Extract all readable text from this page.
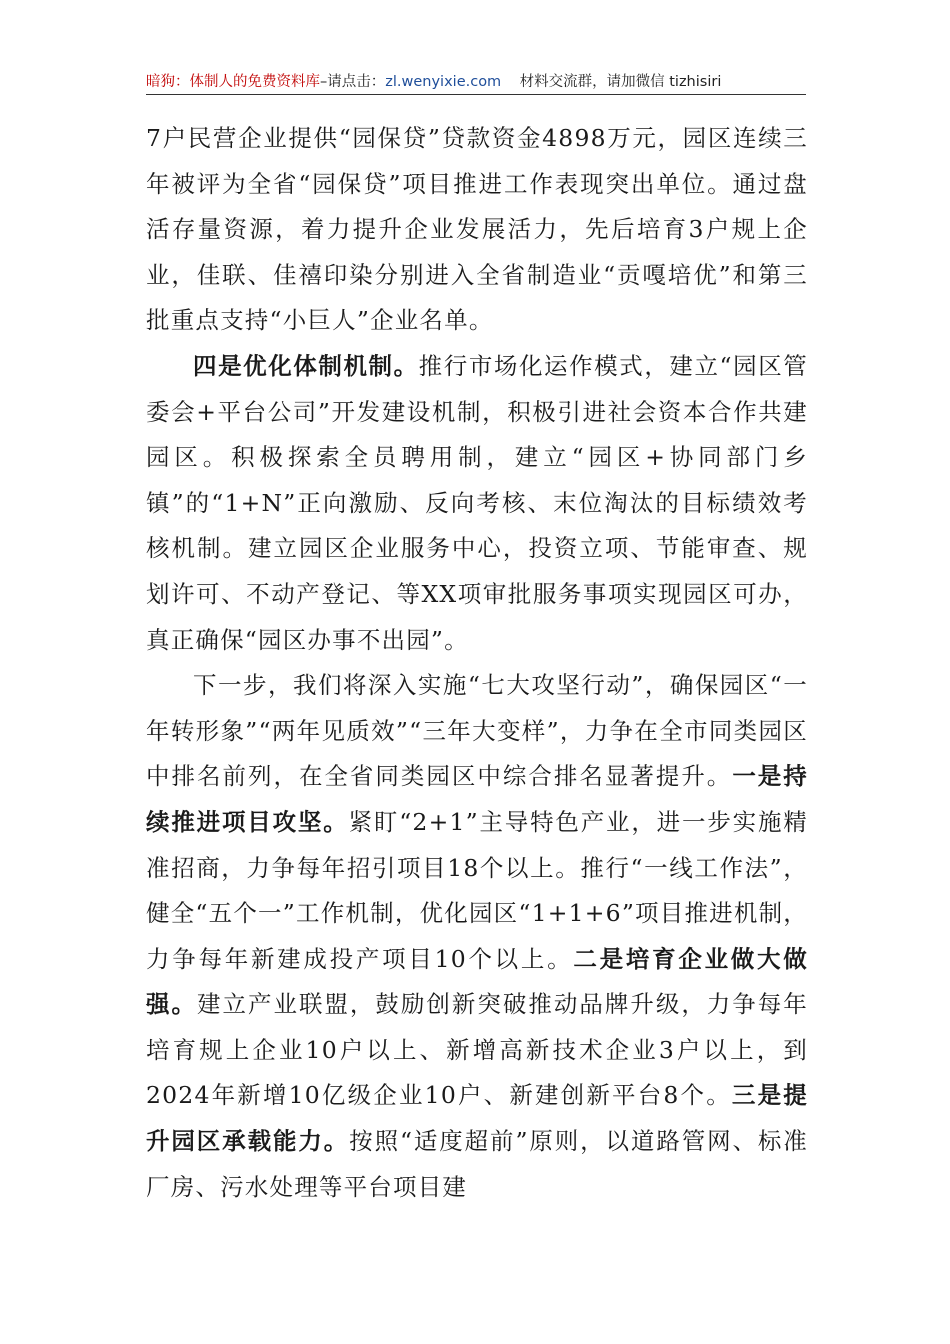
暗狗：体制人的免费资料库–请点击：zl.wenyixie.com 材料交流群，请加微信 tizhisiri

7户民营企业提供“园保贷”贷款资金4898万元，园区连续三年被评为全省“园保贷”项目推进工作表现突出单位。通过盘活存量资源，着力提升企业发展活力，先后培育3户规上企业，佳联、佳禧印染分别进入全省制造业“贡嘎培优”和第三批重点支持“小巨人”企业名单。

四是优化体制机制。推行市场化运作模式，建立“园区管委会+平台公司”开发建设机制，积极引进社会资本合作共建园区。积极探索全员聘用制，建立“园区+协同部门乡镇”的“1+N”正向激励、反向考核、末位淘汰的目标绩效考核机制。建立园区企业服务中心，投资立项、节能审查、规划许可、不动产登记、等XX项审批服务事项实现园区可办，真正确保“园区办事不出园”。

下一步，我们将深入实施“七大攻坚行动”，确保园区“一年转形象”“两年见质效”“三年大变样”，力争在全市同类园区中排名前列，在全省同类园区中综合排名显著提升。一是持续推进项目攻坚。紧盯“2+1”主导特色产业，进一步实施精准招商，力争每年招引项目18个以上。推行“一线工作法”，健全“五个一”工作机制，优化园区“1+1+6”项目推进机制，力争每年新建成投产项目10个以上。二是培育企业做大做强。建立产业联盟，鼓励创新突破推动品牌升级，力争每年培育规上企业10户以上、新增高新技术企业3户以上，到2024年新增10亿级企业10户、新建创新平台8个。三是提升园区承载能力。按照“适度超前”原则，以道路管网、标准厂房、污水处理等平台项目建
